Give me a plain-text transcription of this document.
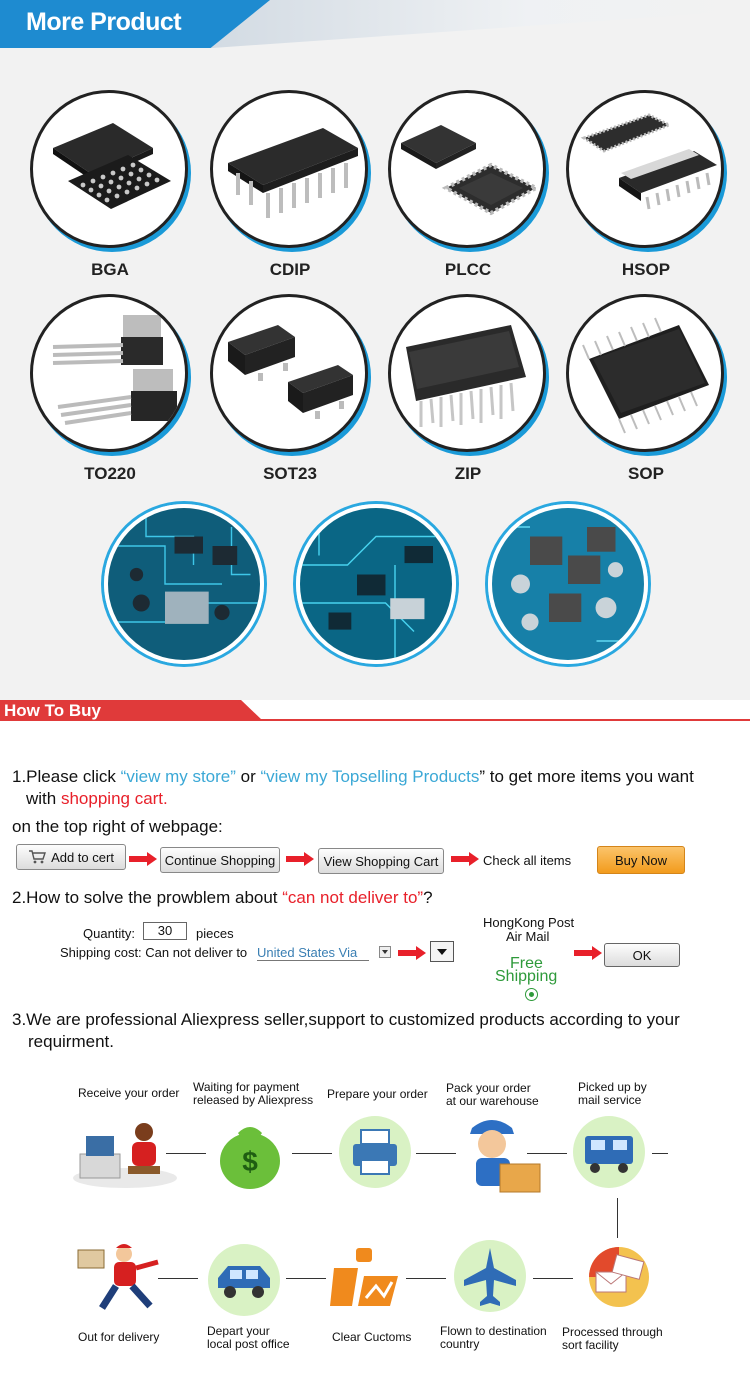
More Product
BGA	CDIP	PLCC	HSOP
TO220	SOT23	ZIP	SOP
How To Buy
1.Please click “view my store” or “view my Topselling Products” to get more items you want
with shopping cart.
on the top right of webpage:
Add to cert	Continue Shopping	View Shopping Cart	Check all items	Buy Now
2.How to solve the prowblem about “can not deliver to”?
Quantity:	30	pieces
Shipping cost: Can not deliver to United States Via
HongKong Post
Air Mail
Free
Shipping
OK
3.We are professional Aliexpress seller,support to customized products according to your
requirment.
Receive your order Waiting for payment
released by Aliexpress Prepare your order Pack your order
at our warehouse
Picked up by
mail service
$
Out for delivery	Depart your
local post office	Clear Cuctoms Flown to destination
country
Processed through
sort facility
